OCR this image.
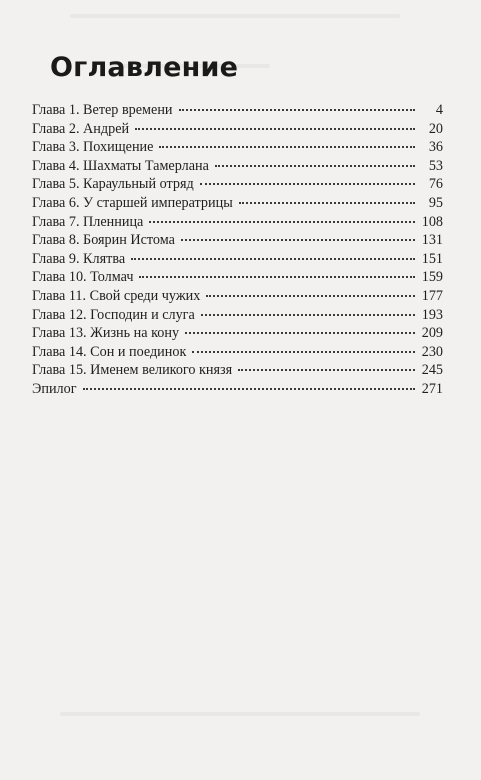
Оглавление
Глава 1. Ветер времени	4
Глава 2. Андрей	20
Глава 3. Похищение	36
Глава 4. Шахматы Тамерлана	53
Глава 5. Караульный отряд	76
Глава 6. У старшей императрицы	95
Глава 7. Пленница	108
Глава 8. Боярин Истома	131
Глава 9. Клятва	151
Глава 10. Толмач	159
Глава 11. Свой среди чужих	177
Глава 12. Господин и слуга	193
Глава 13. Жизнь на кону	209
Глава 14. Сон и поединок	230
Глава 15. Именем великого князя	245
Эпилог	271
